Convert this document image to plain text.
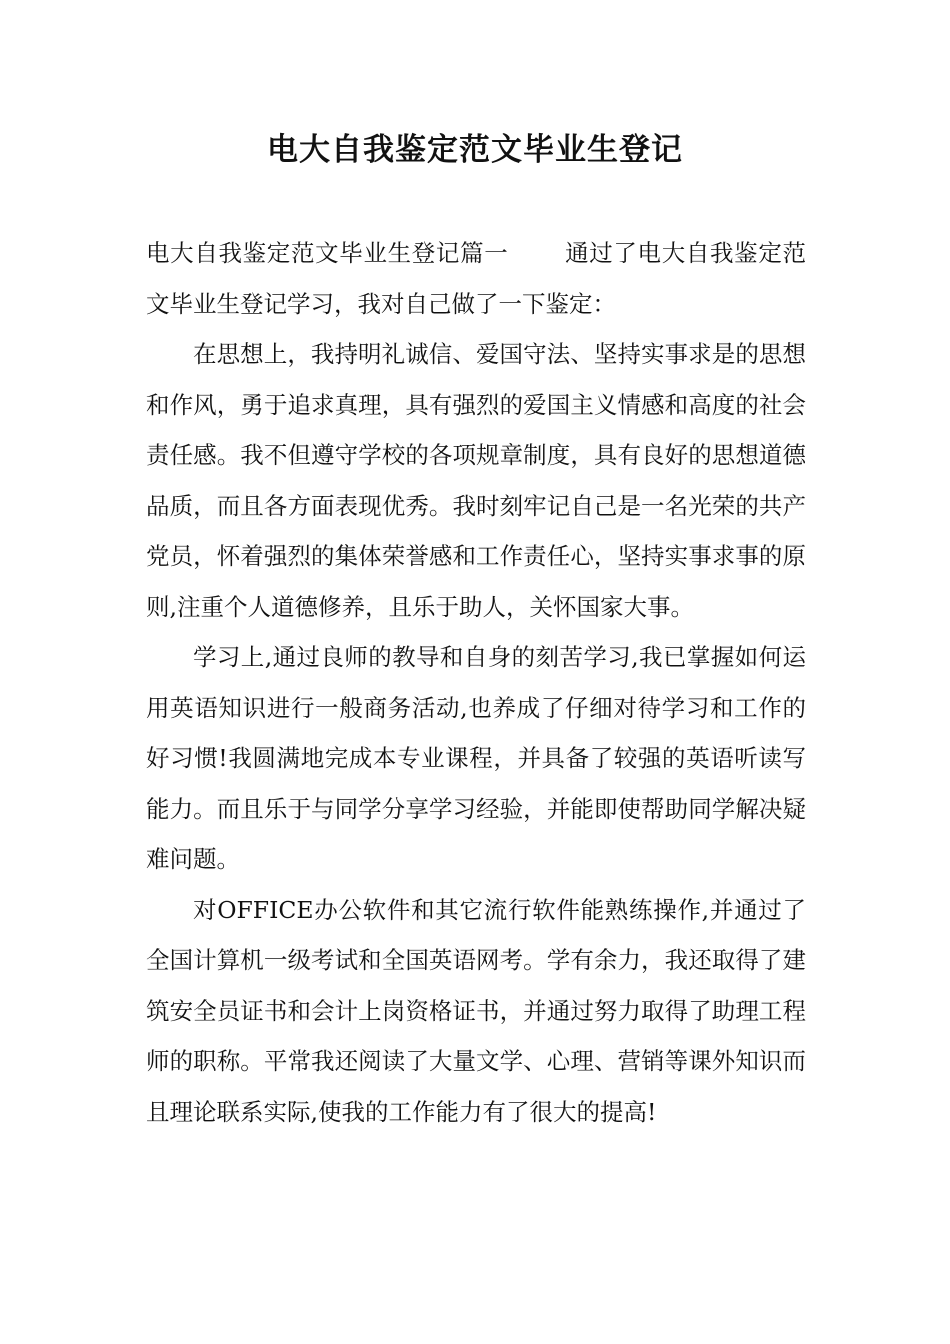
电大自我鉴定范文毕业生登记

电大自我鉴定范文毕业生登记篇一 通过了电大自我鉴定范文毕业生登记学习，我对自己做了一下鉴定：

在思想上，我持明礼诚信、爱国守法、坚持实事求是的思想和作风，勇于追求真理，具有强烈的爱国主义情感和高度的社会责任感。我不但遵守学校的各项规章制度，具有良好的思想道德品质，而且各方面表现优秀。我时刻牢记自己是一名光荣的共产党员，怀着强烈的集体荣誉感和工作责任心，坚持实事求事的原则,注重个人道德修养，且乐于助人，关怀国家大事。

学习上,通过良师的教导和自身的刻苦学习,我已掌握如何运用英语知识进行一般商务活动,也养成了仔细对待学习和工作的好习惯!我圆满地完成本专业课程，并具备了较强的英语听读写能力。而且乐于与同学分享学习经验，并能即使帮助同学解决疑难问题。

对OFFICE办公软件和其它流行软件能熟练操作,并通过了全国计算机一级考试和全国英语网考。学有余力，我还取得了建筑安全员证书和会计上岗资格证书，并通过努力取得了助理工程师的职称。平常我还阅读了大量文学、心理、营销等课外知识而且理论联系实际,使我的工作能力有了很大的提高!
